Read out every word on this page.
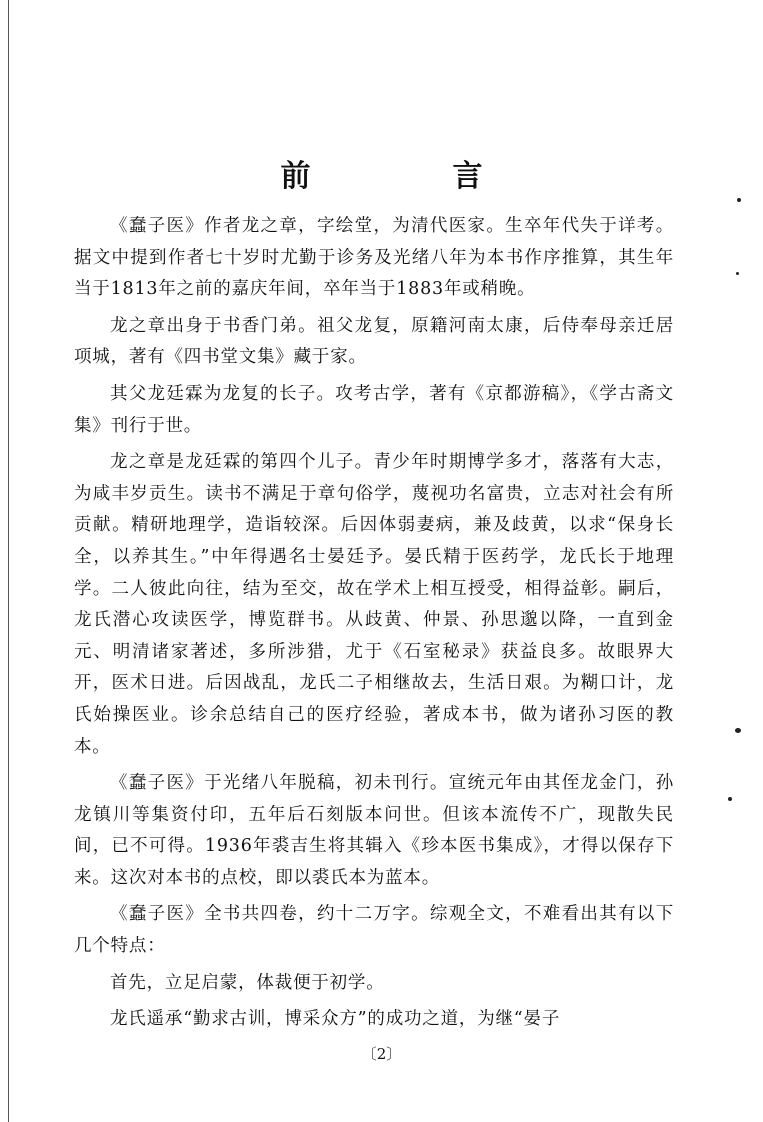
前　言

《蠢子医》作者龙之章，字绘堂，为清代医家。生卒年代失于详考。据文中提到作者七十岁时尤勤于诊务及光绪八年为本书作序推算，其生年当于1813年之前的嘉庆年间，卒年当于1883年或稍晚。

龙之章出身于书香门弟。祖父龙复，原籍河南太康，后侍奉母亲迁居项城，著有《四书堂文集》藏于家。

其父龙廷霖为龙复的长子。攻考古学，著有《京都游稿》，《学古斋文集》刊行于世。

龙之章是龙廷霖的第四个儿子。青少年时期博学多才，落落有大志，为咸丰岁贡生。读书不满足于章句俗学，蔑视功名富贵，立志对社会有所贡献。精研地理学，造诣较深。后因体弱妻病，兼及歧黄，以求“保身长全，以养其生。”中年得遇名士晏廷予。晏氏精于医药学，龙氏长于地理学。二人彼此向往，结为至交，故在学术上相互授受，相得益彰。嗣后，龙氏潜心攻读医学，博览群书。从歧黄、仲景、孙思邈以降，一直到金元、明清诸家著述，多所涉猎，尤于《石室秘录》获益良多。故眼界大开，医术日进。后因战乱，龙氏二子相继故去，生活日艰。为糊口计，龙氏始操医业。诊余总结自己的医疗经验，著成本书，做为诸孙习医的教本。

《蠢子医》于光绪八年脱稿，初未刊行。宣统元年由其侄龙金门，孙龙镇川等集资付印，五年后石刻版本问世。但该本流传不广，现散失民间，已不可得。1936年裘吉生将其辑入《珍本医书集成》，才得以保存下来。这次对本书的点校，即以裘氏本为蓝本。

《蠢子医》全书共四卷，约十二万字。综观全文，不难看出其有以下几个特点：

首先，立足启蒙，体裁便于初学。

龙氏遥承“勤求古训，博采众方”的成功之道，为继“晏子

〔2〕
